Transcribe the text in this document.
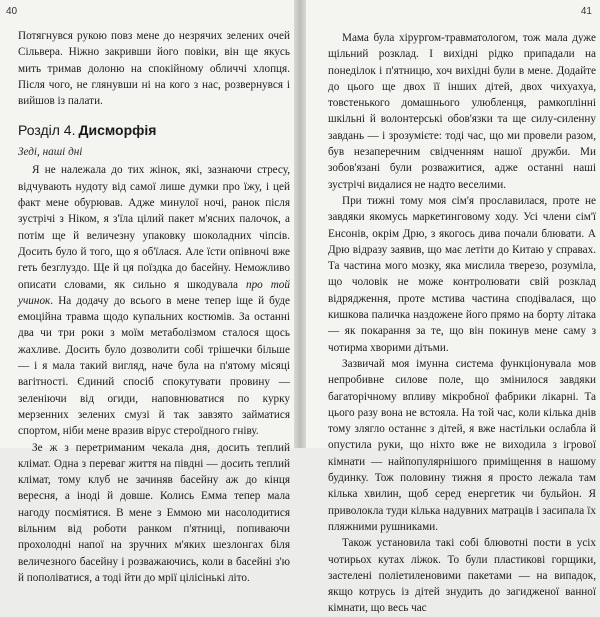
40

Потягнувся рукою повз мене до незрячих зелених очей Сільвера. Ніжно закривши його повіки, він ще якусь мить тримав долоню на спокійному обличчі хлопця. Після чого, не глянувши ні на кого з нас, розвернувся і вийшов із палати.

Розділ 4. Дисморфія
Зеді, наші дні

Я не належала до тих жінок, які, зазнаючи стресу, відчувають нудоту від самої лише думки про їжу, і цей факт мене обурював. Адже минулої ночі, ранок після зустрічі з Ніком, я з'їла цілий пакет м'ясних палочок, а потім ще й величезну упаковку шоколадних чіпсів. Досить було й того, що я об'їлася. Але їсти опівночі вже геть безглуздо. Ще й ця поїздка до басейну. Неможливо описати словами, як сильно я шкодувала про той учинок. На додачу до всього в мене тепер іще й буде емоційна травма щодо купальних костюмів. За останні два чи три роки з моїм метаболізмом сталося щось жахливе. Досить було дозволити собі трішечки більше — і я мала такий вигляд, наче була на п'ятому місяці вагітності. Єдиний спосіб спокутувати провину — зеленіючи від огиди, наповнюватися по курку мерзенних зелених смузі й так завзято займатися спортом, ніби мене вразив вірус стероїдного гніву.

Зе ж з перетриманим чекала дня, досить теплий клімат. Одна з переваг життя на півдні — досить теплий клімат, тому клуб не зачиняв басейну аж до кінця вересня, а іноді й довше. Колись Емма тепер мала нагоду посміятися. В мене з Еммою ми насолодитися вільним від роботи ранком п'ятниці, попиваючи прохолодні напої на зручних м'яких шезлонгах біля величезного басейну і розважаючись, коли в басейні з'ю й пополіватися, а тоді йти до мрії цілісінькі літо.

41

Мама була хірургом-травматологом, тож мала дуже щільний розклад. І вихідні рідко припадали на понеділок і п'ятницю, хоч вихідні були в мене. Додайте до цього ще двох її інших дітей, двох чихуахуа, товстенького домашнього улюбленця, рамкоплінні шкільні й волонтерські обов'язки та ще силу-силенну завдань — і зрозумієте: тоді час, що ми провели разом, був незаперечним свідченням нашої дружби. Ми зобов'язані були розважитися, адже останні наші зустрічі видалися не надто веселими.

При тижні тому моя сім'я прославилася, проте не завдяки якомусь маркетинговому ходу. Усі члени сім'ї Енсонів, окрім Дрю, з якогось дива почали блювати. А Дрю відразу заявив, що має летіти до Китаю у справах. Та частина мого мозку, яка мислила тверезо, розуміла, що чоловік не може контролювати свій розклад відрядження, проте мстива частина сподівалася, що кишкова паличка наздожене його прямо на борту літака — як покарання за те, що він покинув мене саму з чотирма хворими дітьми.

Зазвичай моя імунна система функціонувала мов непробивне силове поле, що змінилося завдяки багаторічному впливу мікробної фабрики лікарні. Та цього разу вона не встояла. На той час, коли кілька днів тому злягло останнє з дітей, я вже настільки ослабла й опустила руки, що ніхто вже не виходила з ігрової кімнати — найпопулярнішого приміщення в нашому будинку. Тож половину тижня я просто лежала там кілька хвилин, щоб серед енергетик чи бульйон. Я приволокла туди кілька надувних матраців і засипала їх пляжними рушниками.

Також установила такі собі блювотні пости в усіх чотирьох кутах ліжок. То були пластикові горщики, застелені поліетиленовими пакетами — на випадок, якщо котрусь із дітей знудить до загидженої ванної кімнати, що весь час
